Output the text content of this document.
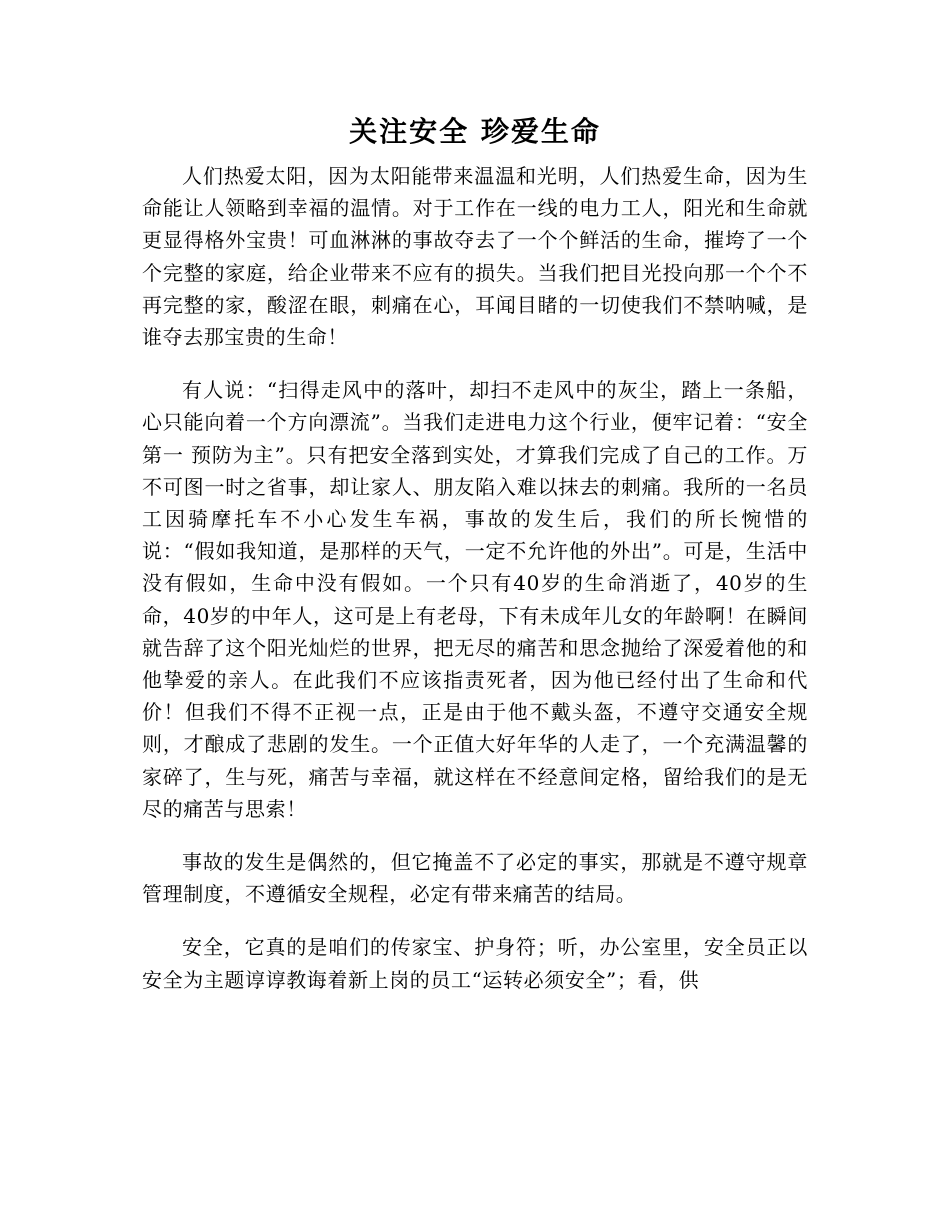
关注安全 珍爱生命

人们热爱太阳，因为太阳能带来温温和光明，人们热爱生命，因为生命能让人领略到幸福的温情。对于工作在一线的电力工人，阳光和生命就更显得格外宝贵！可血淋淋的事故夺去了一个个鲜活的生命，摧垮了一个个完整的家庭，给企业带来不应有的损失。当我们把目光投向那一个个不再完整的家，酸涩在眼，刺痛在心，耳闻目睹的一切使我们不禁呐喊，是谁夺去那宝贵的生命！

有人说：“扫得走风中的落叶，却扫不走风中的灰尘，踏上一条船，心只能向着一个方向漂流”。当我们走进电力这个行业，便牢记着：“安全第一 预防为主”。只有把安全落到实处，才算我们完成了自己的工作。万不可图一时之省事，却让家人、朋友陷入难以抹去的刺痛。我所的一名员工因骑摩托车不小心发生车祸，事故的发生后，我们的所长惋惜的说：“假如我知道，是那样的天气，一定不允许他的外出”。可是，生活中没有假如，生命中没有假如。一个只有40岁的生命消逝了，40岁的生命，40岁的中年人，这可是上有老母，下有未成年儿女的年龄啊！在瞬间就告辞了这个阳光灿烂的世界，把无尽的痛苦和思念抛给了深爱着他的和他挚爱的亲人。在此我们不应该指责死者，因为他已经付出了生命和代价！但我们不得不正视一点，正是由于他不戴头盔，不遵守交通安全规则，才酿成了悲剧的发生。一个正值大好年华的人走了，一个充满温馨的家碎了，生与死，痛苦与幸福，就这样在不经意间定格，留给我们的是无尽的痛苦与思索！

事故的发生是偶然的，但它掩盖不了必定的事实，那就是不遵守规章管理制度，不遵循安全规程，必定有带来痛苦的结局。

安全，它真的是咱们的传家宝、护身符；听，办公室里，安全员正以安全为主题谆谆教诲着新上岗的员工“运转必须安全”；看，供
